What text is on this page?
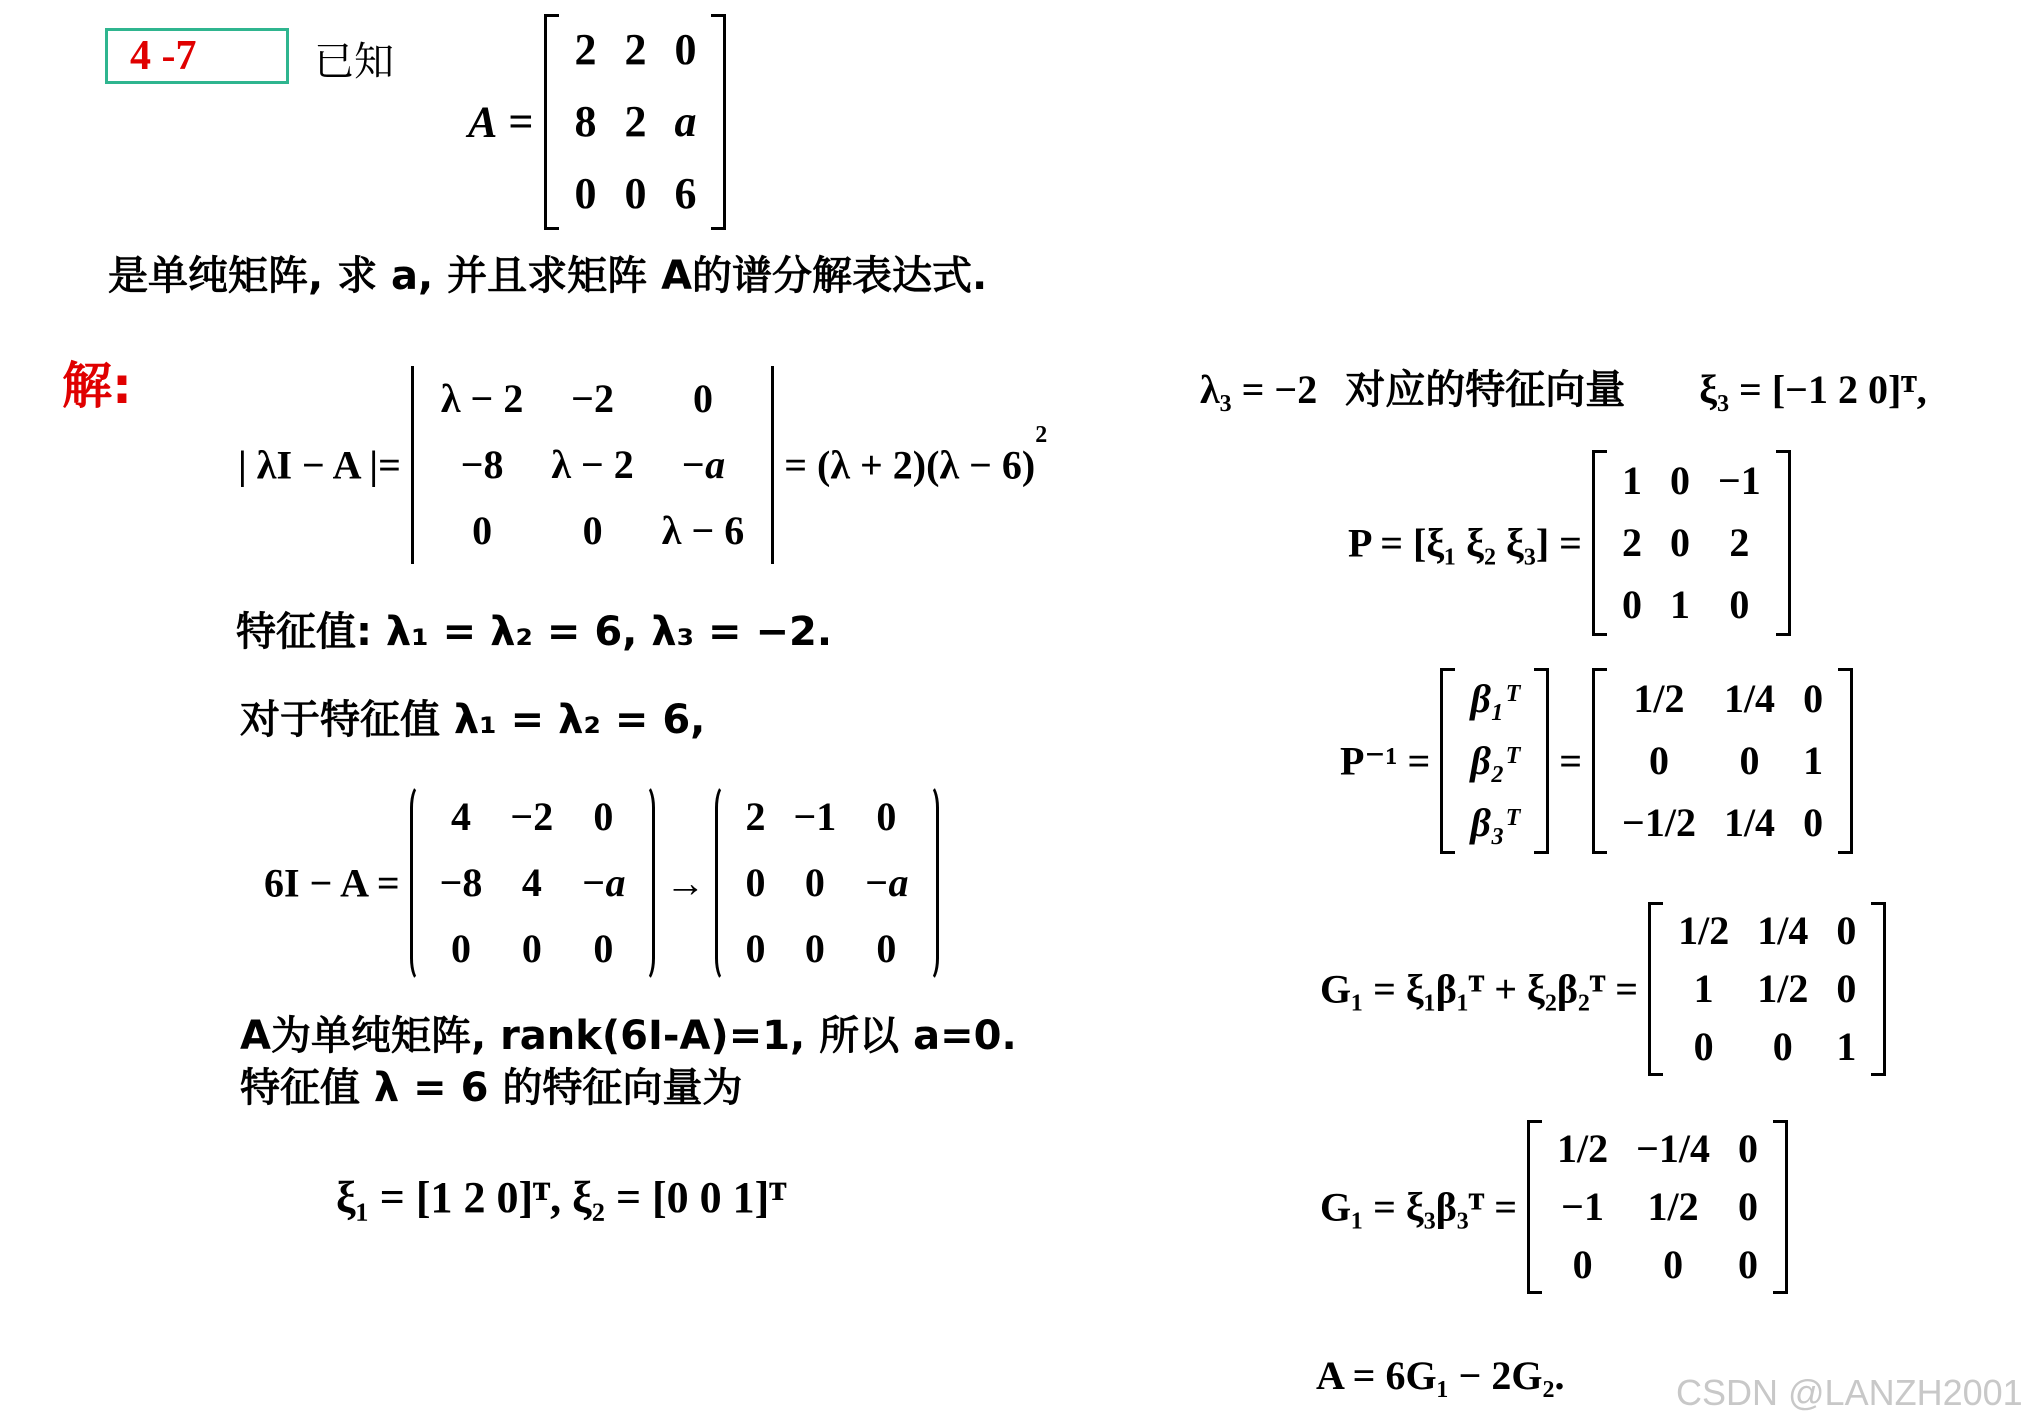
4 -7	已知
A =
2	2	0
8	2	a
0	0	6
是单纯矩阵, 求 a, 并且求矩阵 A的谱分解表达式.
解:
| λI − A |=
λ − 2	−2	0
−8	λ − 2	−a
0	0	λ − 6
= $(\lambda + 2)(\lambda - 6)^2$
特征值: λ₁ = λ₂ = 6, λ₃ = −2.
对于特征值 λ₁ = λ₂ = 6,
6I − A =
4	−2	0
−8	4	−a
0	0	0
→
2	−1	0
0	0	−a
0	0	0
A为单纯矩阵, rank(6I-A)=1, 所以 a=0.
特征值 λ = 6 的特征向量为
ξ₁ = [1 2 0]ᵀ, ξ₂ = [0 0 1]ᵀ
λ₃ = −2 对应的特征向量 ξ₃ = [−1 2 0]ᵀ,
P = [ξ₁ ξ₂ ξ₃] =
1	0	−1
2	0	2
0	1	0
P⁻¹ =
β₁ᵀ
β₂ᵀ
β₃ᵀ
=
1/2	1/4	0
0	0	1
−1/2	1/4	0
G₁ = ξ₁β₁ᵀ + ξ₂β₂ᵀ =
1/2	1/4	0
1	1/2	0
0	0	1
G₁ = ξ₃β₃ᵀ =
1/2	−1/4	0
−1	1/2	0
0	0	0
A = 6G₁ − 2G₂.	CSDN @LANZH2001
